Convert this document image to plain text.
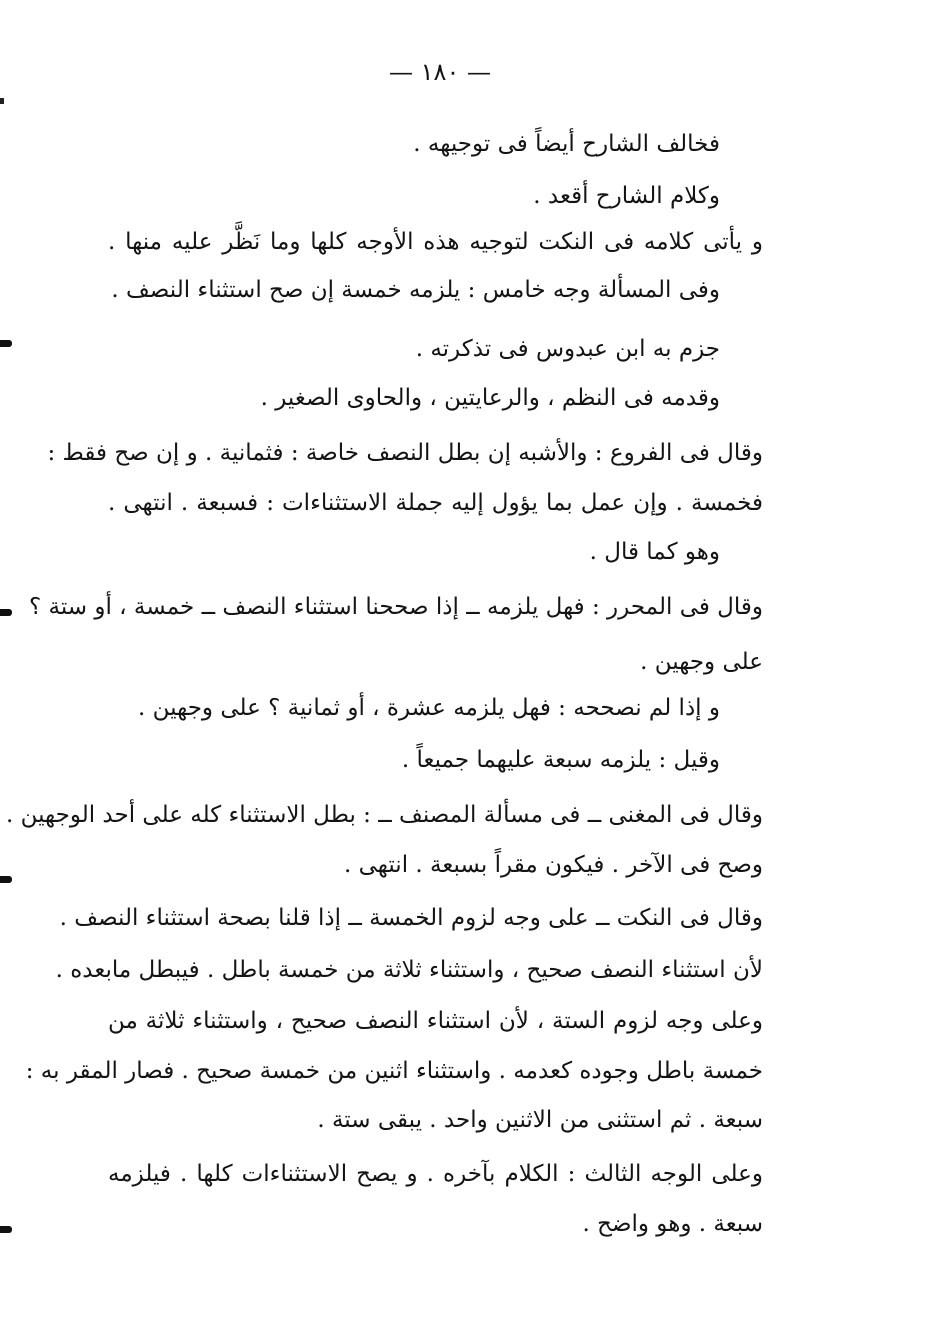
— ١٨٠ —
فخالف الشارح أيضاً فى توجيهه .
وكلام الشارح أقعد .
و يأتى كلامه فى النكت لتوجيه هذه الأوجه كلها وما نَظَّر عليه منها .
وفى المسألة وجه خامس : يلزمه خمسة إن صح استثناء النصف .
جزم به ابن عبدوس فى تذكرته .
وقدمه فى النظم ، والرعايتين ، والحاوى الصغير .
وقال فى الفروع : والأشبه إن بطل النصف خاصة : فثمانية . و إن صح فقط :
فخمسة . وإن عمل بما يؤول إليه جملة الاستثناءات : فسبعة . انتهى .
وهو كما قال .
وقال فى المحرر : فهل يلزمه ــ إذا صححنا استثناء النصف ــ خمسة ، أو ستة ؟
على وجهين .
و إذا لم نصححه : فهل يلزمه عشرة ، أو ثمانية ؟ على وجهين .
وقيل : يلزمه سبعة عليهما جميعاً .
وقال فى المغنى ــ فى مسألة المصنف ــ : بطل الاستثناء كله على أحد الوجهين .
وصح فى الآخر . فيكون مقراً بسبعة . انتهى .
وقال فى النكت ــ على وجه لزوم الخمسة ــ إذا قلنا بصحة استثناء النصف .
لأن استثناء النصف صحيح ، واستثناء ثلاثة من خمسة باطل . فيبطل مابعده .
وعلى وجه لزوم الستة ، لأن استثناء النصف صحيح ، واستثناء ثلاثة من
خمسة باطل وجوده كعدمه . واستثناء اثنين من خمسة صحيح . فصار المقر به :
سبعة . ثم استثنى من الاثنين واحد . يبقى ستة .
وعلى الوجه الثالث : الكلام بآخره . و يصح الاستثناءات كلها . فيلزمه
سبعة . وهو واضح .
